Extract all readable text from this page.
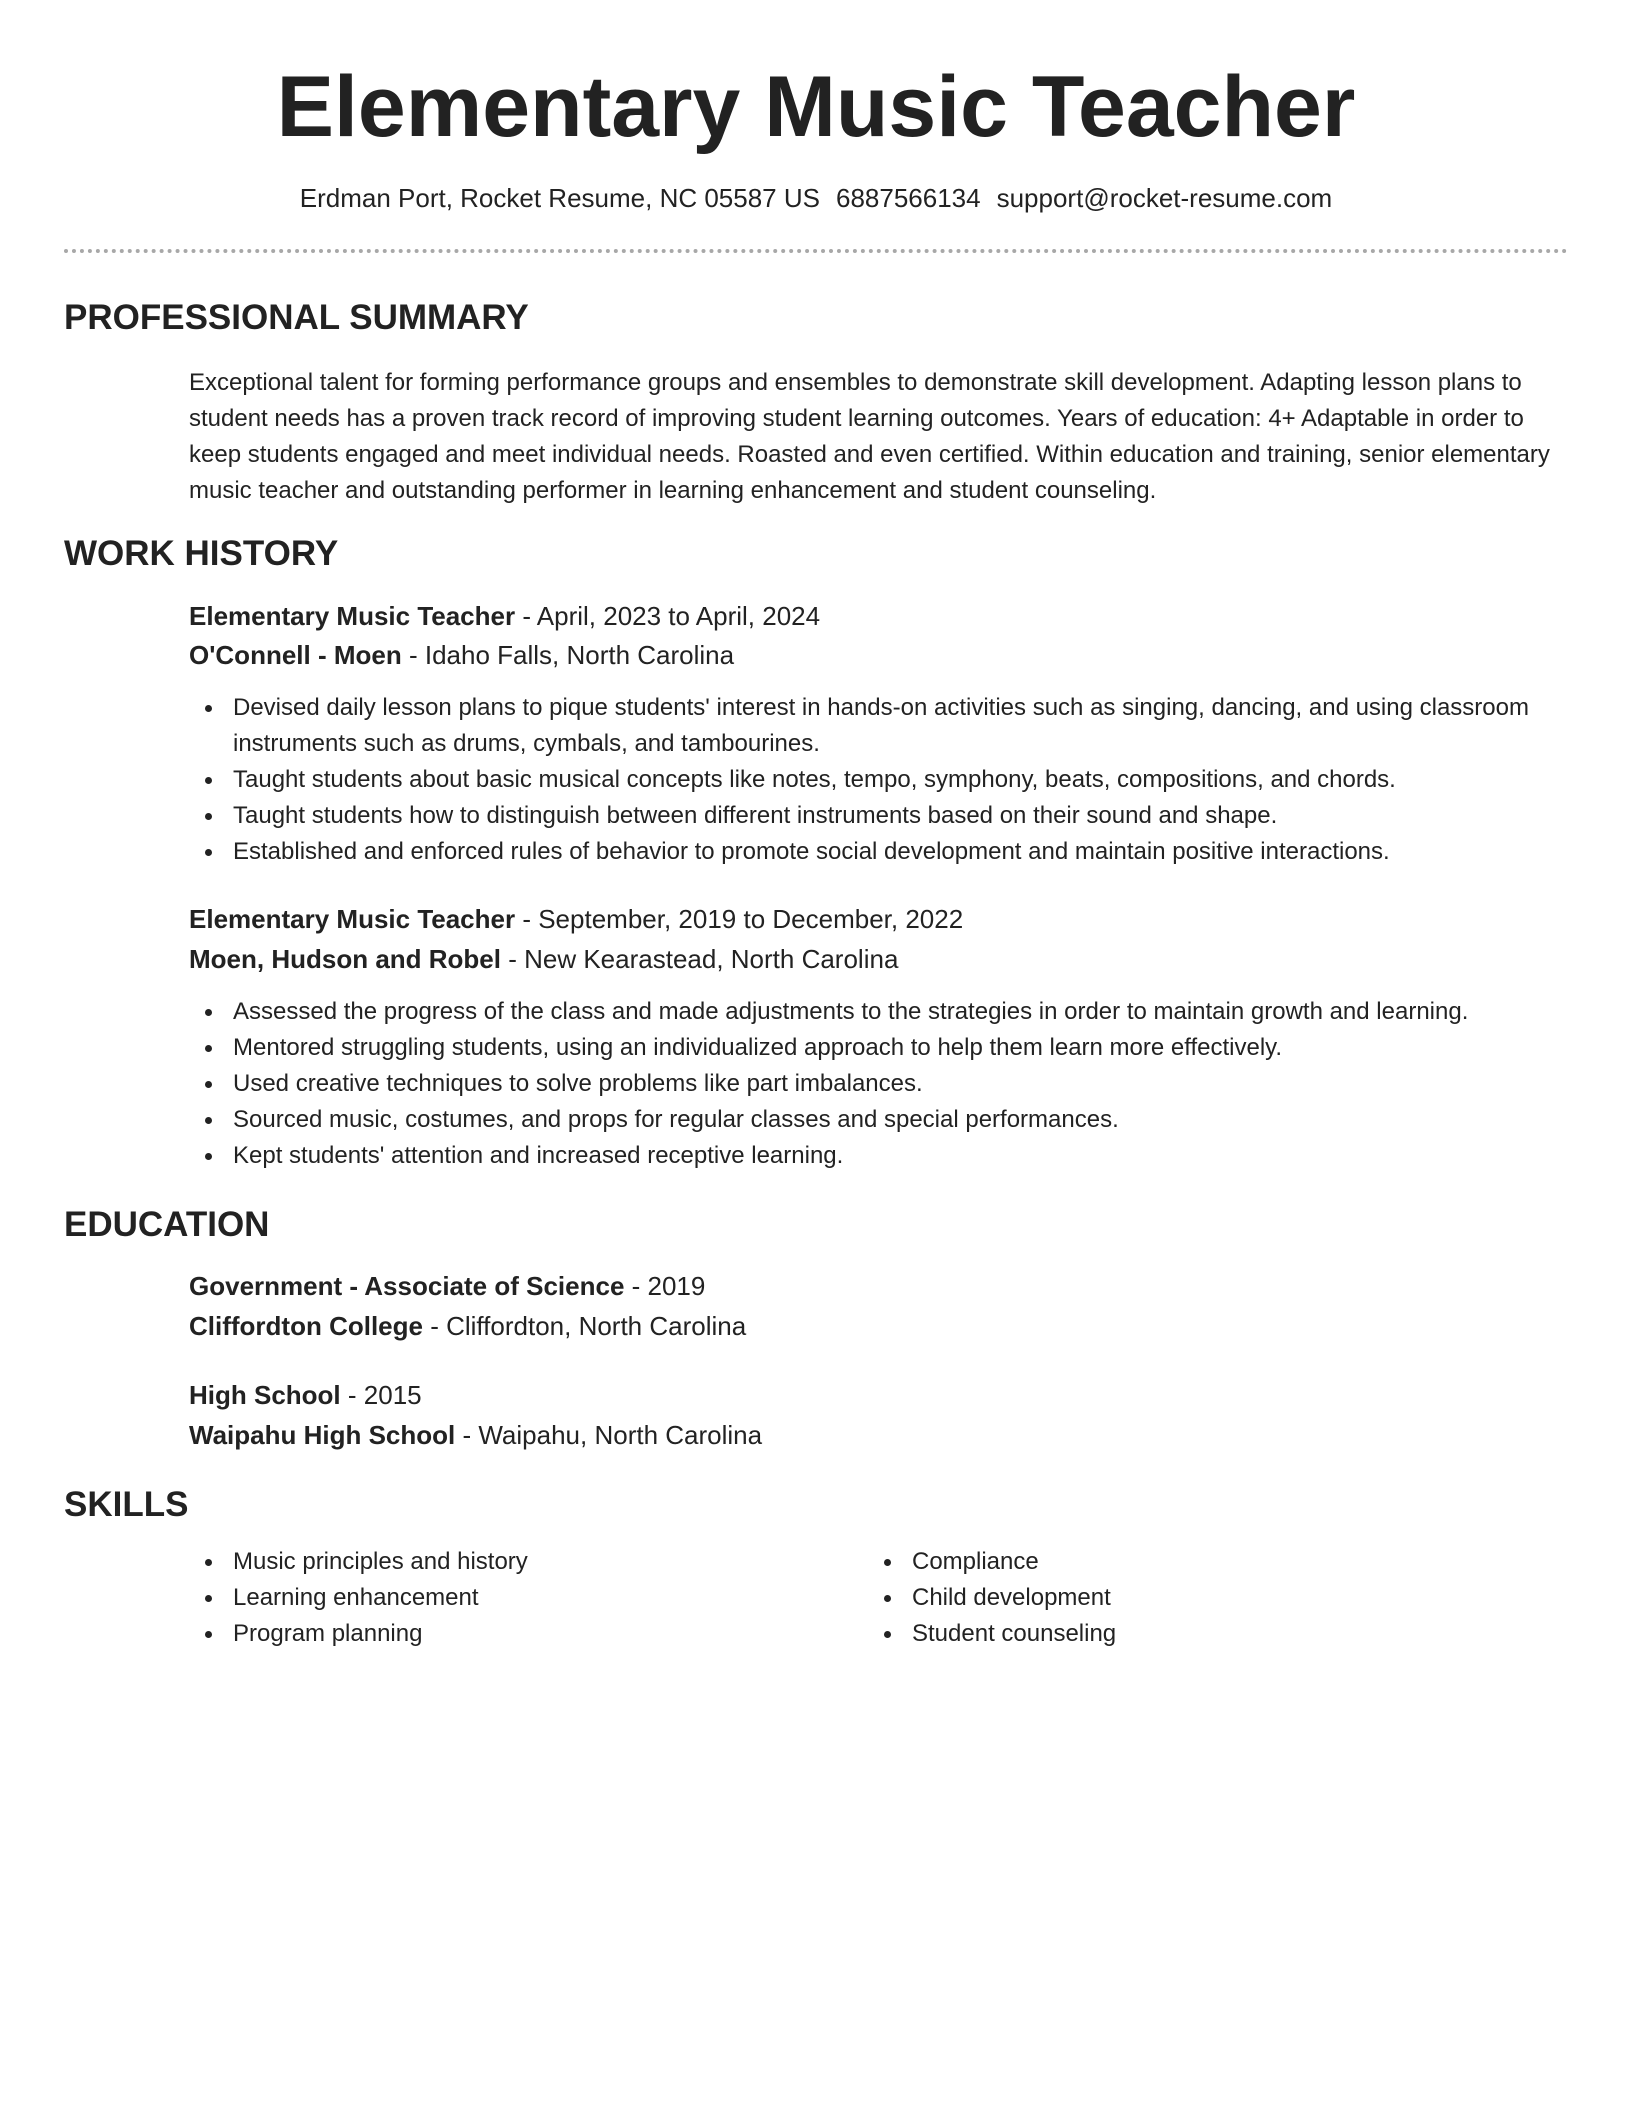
Elementary Music Teacher
Erdman Port, Rocket Resume, NC 05587 US 6887566134 support@rocket-resume.com
PROFESSIONAL SUMMARY

Exceptional talent for forming performance groups and ensembles to demonstrate skill development. Adapting lesson plans to student needs has a proven track record of improving student learning outcomes. Years of education: 4+ Adaptable in order to keep students engaged and meet individual needs. Roasted and even certified. Within education and training, senior elementary music teacher and outstanding performer in learning enhancement and student counseling.

WORK HISTORY
Elementary Music Teacher - April, 2023 to April, 2024
O'Connell - Moen - Idaho Falls, North Carolina
Devised daily lesson plans to pique students' interest in hands-on activities such as singing, dancing, and using classroom instruments such as drums, cymbals, and tambourines.
Taught students about basic musical concepts like notes, tempo, symphony, beats, compositions, and chords.
Taught students how to distinguish between different instruments based on their sound and shape.
Established and enforced rules of behavior to promote social development and maintain positive interactions.
Elementary Music Teacher - September, 2019 to December, 2022
Moen, Hudson and Robel - New Kearastead, North Carolina
Assessed the progress of the class and made adjustments to the strategies in order to maintain growth and learning.
Mentored struggling students, using an individualized approach to help them learn more effectively.
Used creative techniques to solve problems like part imbalances.
Sourced music, costumes, and props for regular classes and special performances.
Kept students' attention and increased receptive learning.
EDUCATION
Government - Associate of Science - 2019
Cliffordton College - Cliffordton, North Carolina
High School - 2015
Waipahu High School - Waipahu, North Carolina
SKILLS
Music principles and history
Learning enhancement
Program planning
Compliance
Child development
Student counseling
